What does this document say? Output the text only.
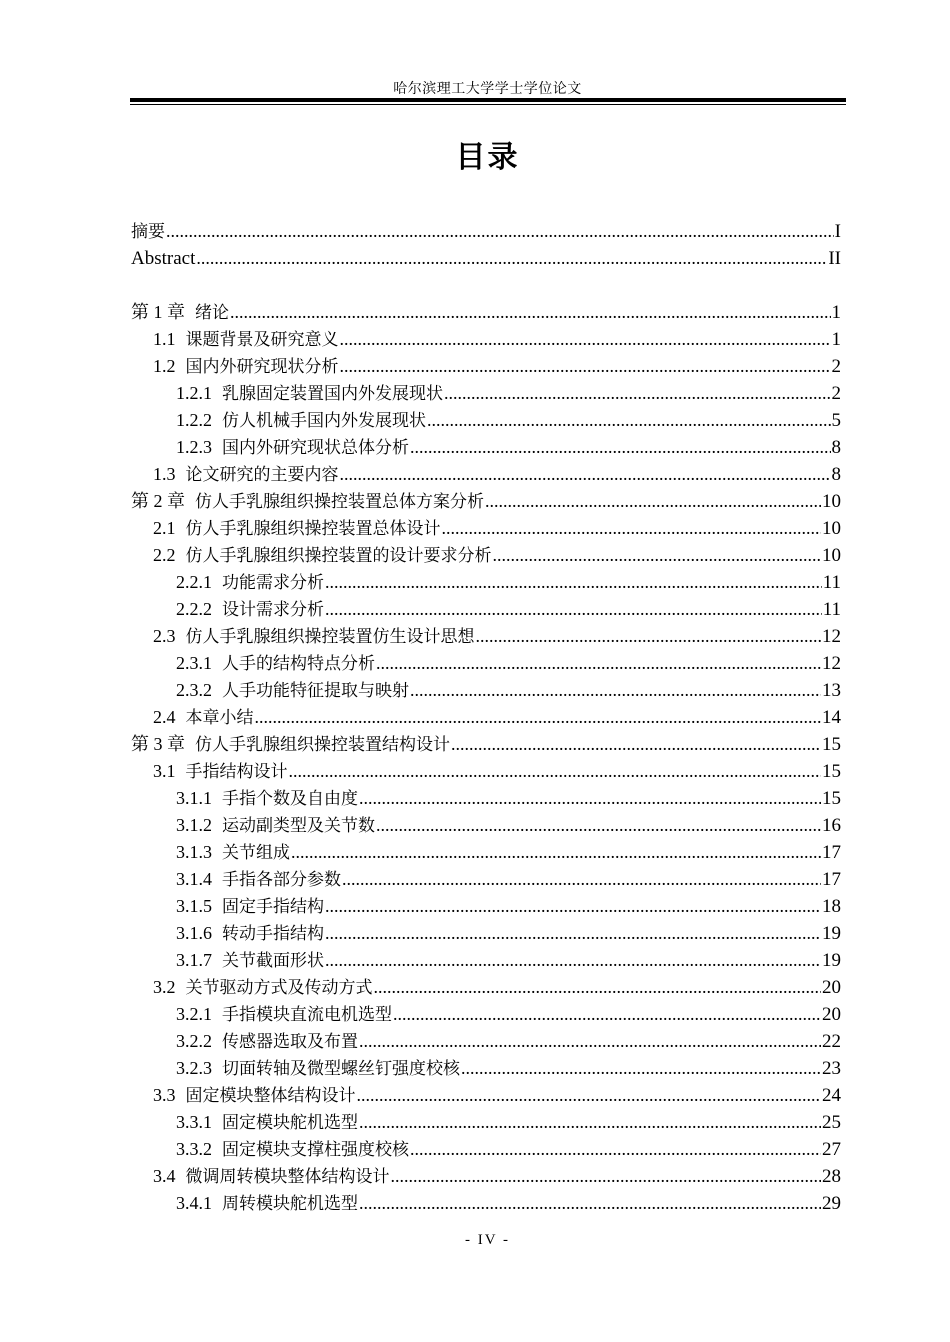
哈尔滨理工大学学士学位论文
目录
摘要 .....	I
Abstract .....	II
第 1 章 绪论 .....	1
1.1 课题背景及研究意义 .....	1
1.2 国内外研究现状分析 .....	2
1.2.1 乳腺固定装置国内外发展现状 .....	2
1.2.2 仿人机械手国内外发展现状 .....	5
1.2.3 国内外研究现状总体分析 .....	8
1.3 论文研究的主要内容 .....	8
第 2 章 仿人手乳腺组织操控装置总体方案分析 .....	10
2.1 仿人手乳腺组织操控装置总体设计 .....	10
2.2 仿人手乳腺组织操控装置的设计要求分析 .....	10
2.2.1 功能需求分析 .....	11
2.2.2 设计需求分析 .....	11
2.3 仿人手乳腺组织操控装置仿生设计思想 .....	12
2.3.1 人手的结构特点分析 .....	12
2.3.2 人手功能特征提取与映射 .....	13
2.4 本章小结 .....	14
第 3 章 仿人手乳腺组织操控装置结构设计 .....	15
3.1 手指结构设计 .....	15
3.1.1 手指个数及自由度 .....	15
3.1.2 运动副类型及关节数 .....	16
3.1.3 关节组成 .....	17
3.1.4 手指各部分参数 .....	17
3.1.5 固定手指结构 .....	18
3.1.6 转动手指结构 .....	19
3.1.7 关节截面形状 .....	19
3.2 关节驱动方式及传动方式 .....	20
3.2.1 手指模块直流电机选型 .....	20
3.2.2 传感器选取及布置 .....	22
3.2.3 切面转轴及微型螺丝钉强度校核 .....	23
3.3 固定模块整体结构设计 .....	24
3.3.1 固定模块舵机选型 .....	25
3.3.2 固定模块支撑柱强度校核 .....	27
3.4 微调周转模块整体结构设计 .....	28
3.4.1 周转模块舵机选型 .....	29
- IV -
